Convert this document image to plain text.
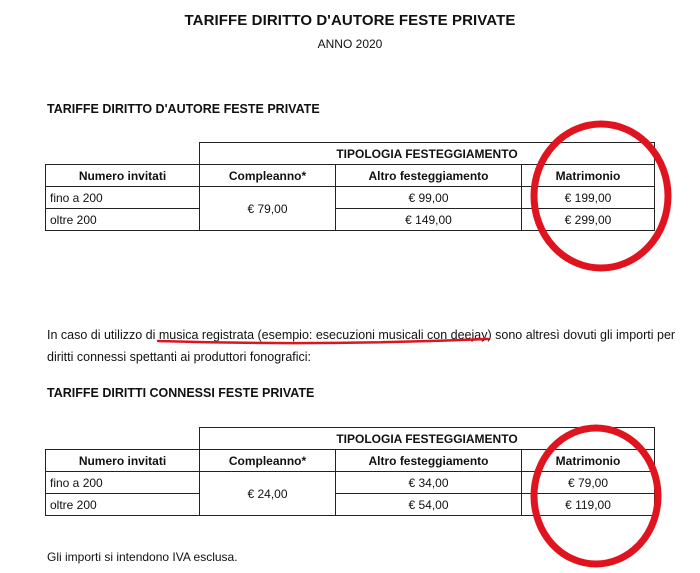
TARIFFE DIRITTO D'AUTORE FESTE PRIVATE
ANNO 2020
TARIFFE DIRITTO D'AUTORE FESTE PRIVATE
	TIPOLOGIA FESTEGGIAMENTO		
Numero invitati	Compleanno*	Altro festeggiamento	Matrimonio
fino a 200	€ 79,00	€ 99,00	€ 199,00
oltre 200		€ 149,00	€ 299,00
In caso di utilizzo di musica registrata (esempio: esecuzioni musicali con deejay) sono altresì dovuti gli importi per diritti connessi spettanti ai produttori fonografici:
TARIFFE DIRITTI CONNESSI FESTE PRIVATE
	TIPOLOGIA FESTEGGIAMENTO		
Numero invitati	Compleanno*	Altro festeggiamento	Matrimonio
fino a 200	€ 24,00	€ 34,00	€ 79,00
oltre 200		€ 54,00	€ 119,00
Gli importi si intendono IVA esclusa.
